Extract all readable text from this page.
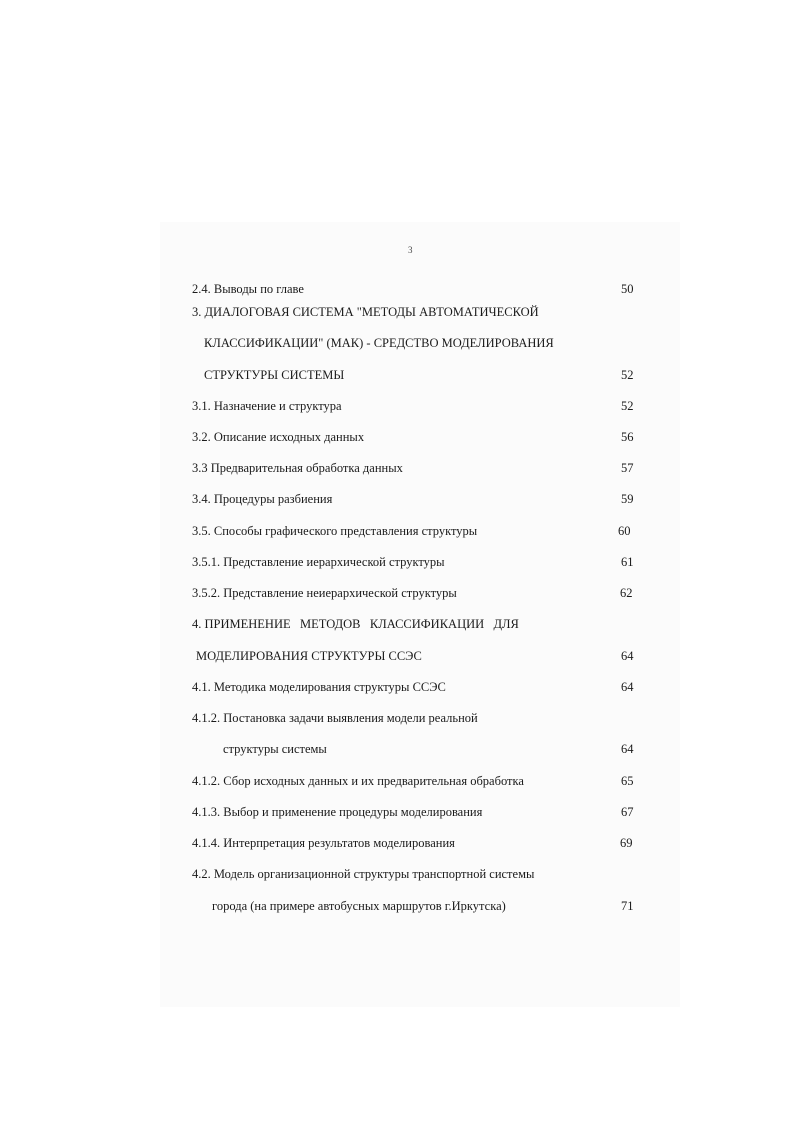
3
2.4. Выводы по главе	50
3. ДИАЛОГОВАЯ СИСТЕМА "МЕТОДЫ АВТОМАТИЧЕСКОЙ
КЛАССИФИКАЦИИ" (МАК) - СРЕДСТВО МОДЕЛИРОВАНИЯ
СТРУКТУРЫ СИСТЕМЫ	52
3.1. Назначение и структура	52
3.2. Описание исходных данных	56
3.3 Предварительная обработка данных	57
3.4. Процедуры разбиения	59
3.5. Способы графического представления структуры	60
3.5.1. Представление иерархической структуры	61
3.5.2. Представление неиерархической структуры	62
4. ПРИМЕНЕНИЕ   МЕТОДОВ   КЛАССИФИКАЦИИ   ДЛЯ
МОДЕЛИРОВАНИЯ СТРУКТУРЫ ССЭС	64
4.1. Методика моделирования структуры ССЭС	64
4.1.2. Постановка задачи выявления модели реальной
структуры системы	64
4.1.2. Сбор исходных данных и их предварительная обработка	65
4.1.3. Выбор и применение процедуры моделирования	67
4.1.4. Интерпретация результатов моделирования	69
4.2. Модель организационной структуры транспортной системы
города (на примере автобусных маршрутов г.Иркутска)	71
